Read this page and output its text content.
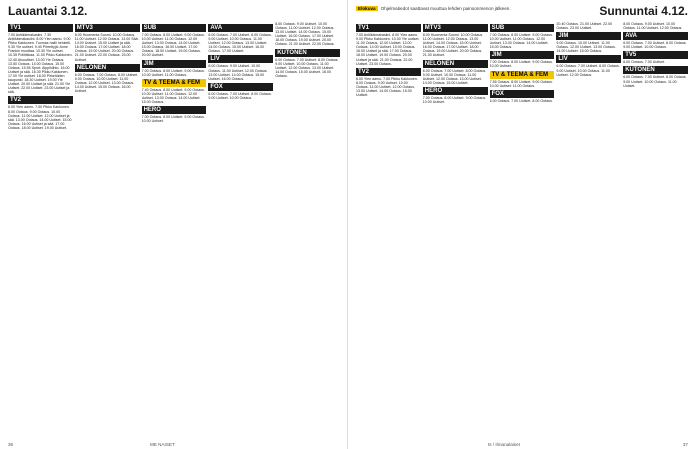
Lauantai 3.12.
TV1
7.00 Antiikkimakasiini. 7.30 Antiikkimakasiini. 8.00 Ylen aamu. 9.00 Pikku Kakkonen. Tuomas hallii hehkeili. 9.30 Yle uutiset. 9.40 Piirrettyjä: Anne Frankin muuttaa. 10.30 Yle uutiset. 10.35 Politiikkaa. 11.00 Pikku Kakkonen. 12.40 Aluuutiset. 13.00 Yle Ootaus. 13.50 Ootaus. 14.00 Ootaus. 15.00 Ootaus. 15.55 Sport: Alppihiihto. 16.00 Uutiset ja sää. 16.30 Pikku Kakkonen. 17.00 Yle uutiset. 18.00 Pirkelöiden kaupunki. 18.30 Uutiset. 19.00 Yle Uutiset. 20.00 Uutiset ja sää. 21.00 Yle Uutiset. 22.00 Uutiset. 23.00 Uutiset ja sää.
TV2
6.00 Ylen aamu. 7.00 Pikku Kakkonen. 8.00 Ootaus. 9.00 Ootaus. 10.00 Ootaus. 11.00 Uutiset. 12.00 Uutiset ja sää. 13.00 Ootaus. 14.00 Uutiset. 15.00 Ootaus. 16.00 Uutiset ja sää. 17.00 Ootaus. 18.00 Uutiset. 19.00 Uutiset.
MTV3
8.00 Huomenta Suomi. 10.00 Ootaus. 11.00 Uutiset. 12.00 Ootaus. 13.00 Sää. 14.00 Uutiset. 15.00 Uutiset ja sää. 16.00 Ootaus. 17.00 Uutiset. 18.00 Ootaus. 19.00 Uutiset. 20.00 Ootaus. 21.00 Uutiset. 22.00 Ootaus. 23.00 Uutiset.
NELONEN
6.00 Ootaus. 7.00 Ootaus. 8.00 Uutiset. 9.00 Ootaus. 10.00 Uutiset. 11.00 Ootaus. 12.00 Uutiset. 13.00 Ootaus. 14.00 Uutiset. 15.00 Ootaus. 16.00 Uutiset.
SUB
7.00 Ootaus. 8.00 Uutiset. 9.00 Ootaus. 10.00 Uutiset. 11.00 Ootaus. 12.00 Uutiset. 13.00 Ootaus. 14.00 Uutiset. 15.00 Ootaus. 16.00 Uutiset. 17.00 Ootaus. 18.00 Uutiset. 19.00 Ootaus. 20.00 Uutiset.
JIM
7.00 Ootaus. 8.00 Uutiset. 9.00 Ootaus. 10.00 Uutiset. 11.00 Ootaus.
TV & TEEMA & FEM
7.40 Ootaus. 8.00 Uutiset. 9.00 Ootaus. 10.00 Uutiset. 11.00 Ootaus. 12.00 Uutiset. 13.00 Ootaus. 14.00 Uutiset. 15.00 Ootaus.
HERO
7.00 Ootaus. 8.00 Uutiset. 9.00 Ootaus. 10.00 Uutiset.
AVA
6.00 Ootaus. 7.00 Uutiset. 8.00 Ootaus. 9.00 Uutiset. 10.00 Ootaus. 11.00 Uutiset. 12.00 Ootaus. 13.00 Uutiset. 14.00 Ootaus. 15.00 Uutiset. 16.00 Ootaus. 17.00 Uutiset.
LIV
8.00 Ootaus. 9.00 Uutiset. 10.00 Ootaus. 11.00 Uutiset. 12.00 Ootaus. 13.00 Uutiset. 14.00 Ootaus. 15.00 Uutiset. 16.00 Ootaus.
FOX
6.00 Ootaus. 7.00 Uutiset. 8.00 Ootaus. 9.00 Uutiset. 10.00 Ootaus.
8.00 Ootaus. 9.00 Uutiset. 10.00 Ootaus. 11.00 Uutiset. 12.00 Ootaus. 13.00 Uutiset. 14.00 Ootaus. 15.00 Uutiset. 16.00 Ootaus. 17.00 Uutiset. 18.00 Ootaus. 19.00 Uutiset. 20.00 Ootaus. 21.00 Uutiset. 22.00 Ootaus.
KUTONEN
6.00 Ootaus. 7.00 Uutiset. 8.00 Ootaus. 9.00 Uutiset. 10.00 Ootaus. 11.00 Uutiset. 12.00 Ootaus. 13.00 Uutiset. 14.00 Ootaus. 15.00 Uutiset. 16.00 Ootaus.
36	ME NAISET
Elokuva Ohjelmatiedot saattavat muuttua lehden painoonmenon jälkeen.	Sunnuntai 4.12.
TV1
7.00 Antiikkimakasiini. 8.00 Ylen aamu. 9.00 Pikku Kakkonen. 10.00 Yle uutiset. 11.00 Ootaus. 12.00 Uutiset. 13.00 Ootaus. 14.00 Uutiset. 15.00 Ootaus. 16.00 Uutiset ja sää. 17.00 Ootaus. 18.00 Uutiset. 19.00 Ootaus. 20.00 Uutiset ja sää. 21.00 Ootaus. 22.00 Uutiset. 23.00 Ootaus.
TV2
6.00 Ylen aamu. 7.00 Pikku Kakkonen. 8.00 Ootaus. 9.00 Uutiset. 10.00 Ootaus. 11.00 Uutiset. 12.00 Ootaus. 13.00 Uutiset. 14.00 Ootaus. 15.00 Uutiset.
MTV3
8.00 Huomenta Suomi. 10.00 Ootaus. 11.00 Uutiset. 12.00 Ootaus. 13.00 Uutiset. 14.00 Ootaus. 15.00 Uutiset. 16.00 Ootaus. 17.00 Uutiset. 18.00 Ootaus. 19.00 Uutiset. 20.00 Ootaus. 21.00 Uutiset.
NELONEN
6.00 Ootaus. 7.00 Uutiset. 8.00 Ootaus. 9.00 Uutiset. 10.00 Ootaus. 11.00 Uutiset. 12.00 Ootaus. 13.00 Uutiset. 14.00 Ootaus. 15.00 Uutiset.
HERO
7.00 Ootaus. 8.00 Uutiset. 9.00 Ootaus. 10.00 Uutiset.
SUB
7.00 Ootaus. 8.00 Uutiset. 9.00 Ootaus. 10.00 Uutiset. 11.00 Ootaus. 12.00 Uutiset. 13.00 Ootaus. 14.00 Uutiset. 15.00 Ootaus.
JIM
7.00 Ootaus. 8.00 Uutiset. 9.00 Ootaus. 10.00 Uutiset.
TV & TEEMA & FEM
7.55 Ootaus. 8.00 Uutiset. 9.00 Ootaus. 10.00 Uutiset. 11.00 Ootaus.
FOX
6.00 Ootaus. 7.00 Uutiset. 8.00 Ootaus.
20.40 Ootaus. 21.00 Uutiset. 22.00 Ootaus. 23.00 Uutiset.
JIM
9.00 Ootaus. 10.00 Uutiset. 11.00 Ootaus. 12.00 Uutiset. 13.00 Ootaus. 14.00 Uutiset. 15.00 Ootaus.
LIV
6.00 Ootaus. 7.00 Uutiset. 8.00 Ootaus. 9.00 Uutiset. 10.00 Ootaus. 11.00 Uutiset. 12.00 Ootaus.
8.00 Ootaus. 9.00 Uutiset. 10.00 Ootaus. 11.00 Uutiset. 12.00 Ootaus.
AVA
6.00 Ootaus. 7.00 Uutiset. 8.00 Ootaus. 9.00 Uutiset. 10.00 Ootaus.
TV5
6.00 Ootaus. 7.00 Uutiset.
KUTONEN
6.00 Ootaus. 7.00 Uutiset. 8.00 Ootaus. 9.00 Uutiset. 10.00 Ootaus. 11.00 Uutiset.
ts / Ilmanalaiset	37
